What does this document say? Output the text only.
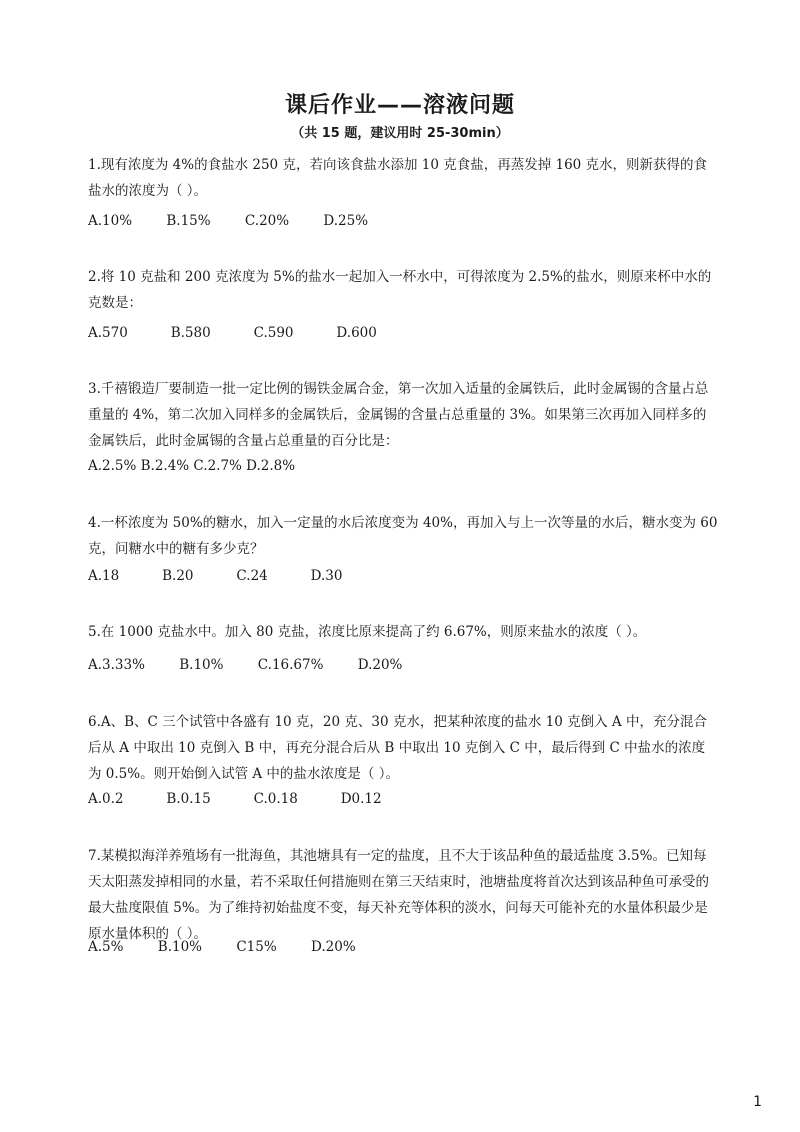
课后作业——溶液问题
（共 15 题，建议用时 25-30min）
1.现有浓度为 4%的食盐水 250 克，若向该食盐水添加 10 克食盐，再蒸发掉 160 克水，则新获得的食盐水的浓度为（ ）。
A.10%        B.15%        C.20%        D.25%
2.将 10 克盐和 200 克浓度为 5%的盐水一起加入一杯水中，可得浓度为 2.5%的盐水，则原来杯中水的克数是：
A.570          B.580          C.590          D.600
3.千禧锻造厂要制造一批一定比例的锡铁金属合金，第一次加入适量的金属铁后，此时金属锡的含量占总重量的 4%，第二次加入同样多的金属铁后，金属锡的含量占总重量的 3%。如果第三次再加入同样多的金属铁后，此时金属锡的含量占总重量的百分比是：
A.2.5% B.2.4% C.2.7% D.2.8%
4.一杯浓度为 50%的糖水，加入一定量的水后浓度变为 40%，再加入与上一次等量的水后，糖水变为 60 克，问糖水中的糖有多少克？
A.18          B.20          C.24          D.30
5.在 1000 克盐水中。加入 80 克盐，浓度比原来提高了约 6.67%，则原来盐水的浓度（ ）。
A.3.33%        B.10%        C.16.67%        D.20%
6.A、B、C 三个试管中各盛有 10 克，20 克、30 克水，把某种浓度的盐水 10 克倒入 A 中，充分混合后从 A 中取出 10 克倒入 B 中，再充分混合后从 B 中取出 10 克倒入 C 中，最后得到 C 中盐水的浓度为 0.5%。则开始倒入试管 A 中的盐水浓度是（ ）。
A.0.2          B.0.15          C.0.18          D0.12
7.某模拟海洋养殖场有一批海鱼，其池塘具有一定的盐度，且不大于该品种鱼的最适盐度 3.5%。已知每天太阳蒸发掉相同的水量，若不采取任何措施则在第三天结束时，池塘盐度将首次达到该品种鱼可承受的最大盐度限值 5%。为了维持初始盐度不变，每天补充等体积的淡水，问每天可能补充的水量体积最少是原水量体积的（ ）。
A.5%        B.10%        C15%        D.20%
1
